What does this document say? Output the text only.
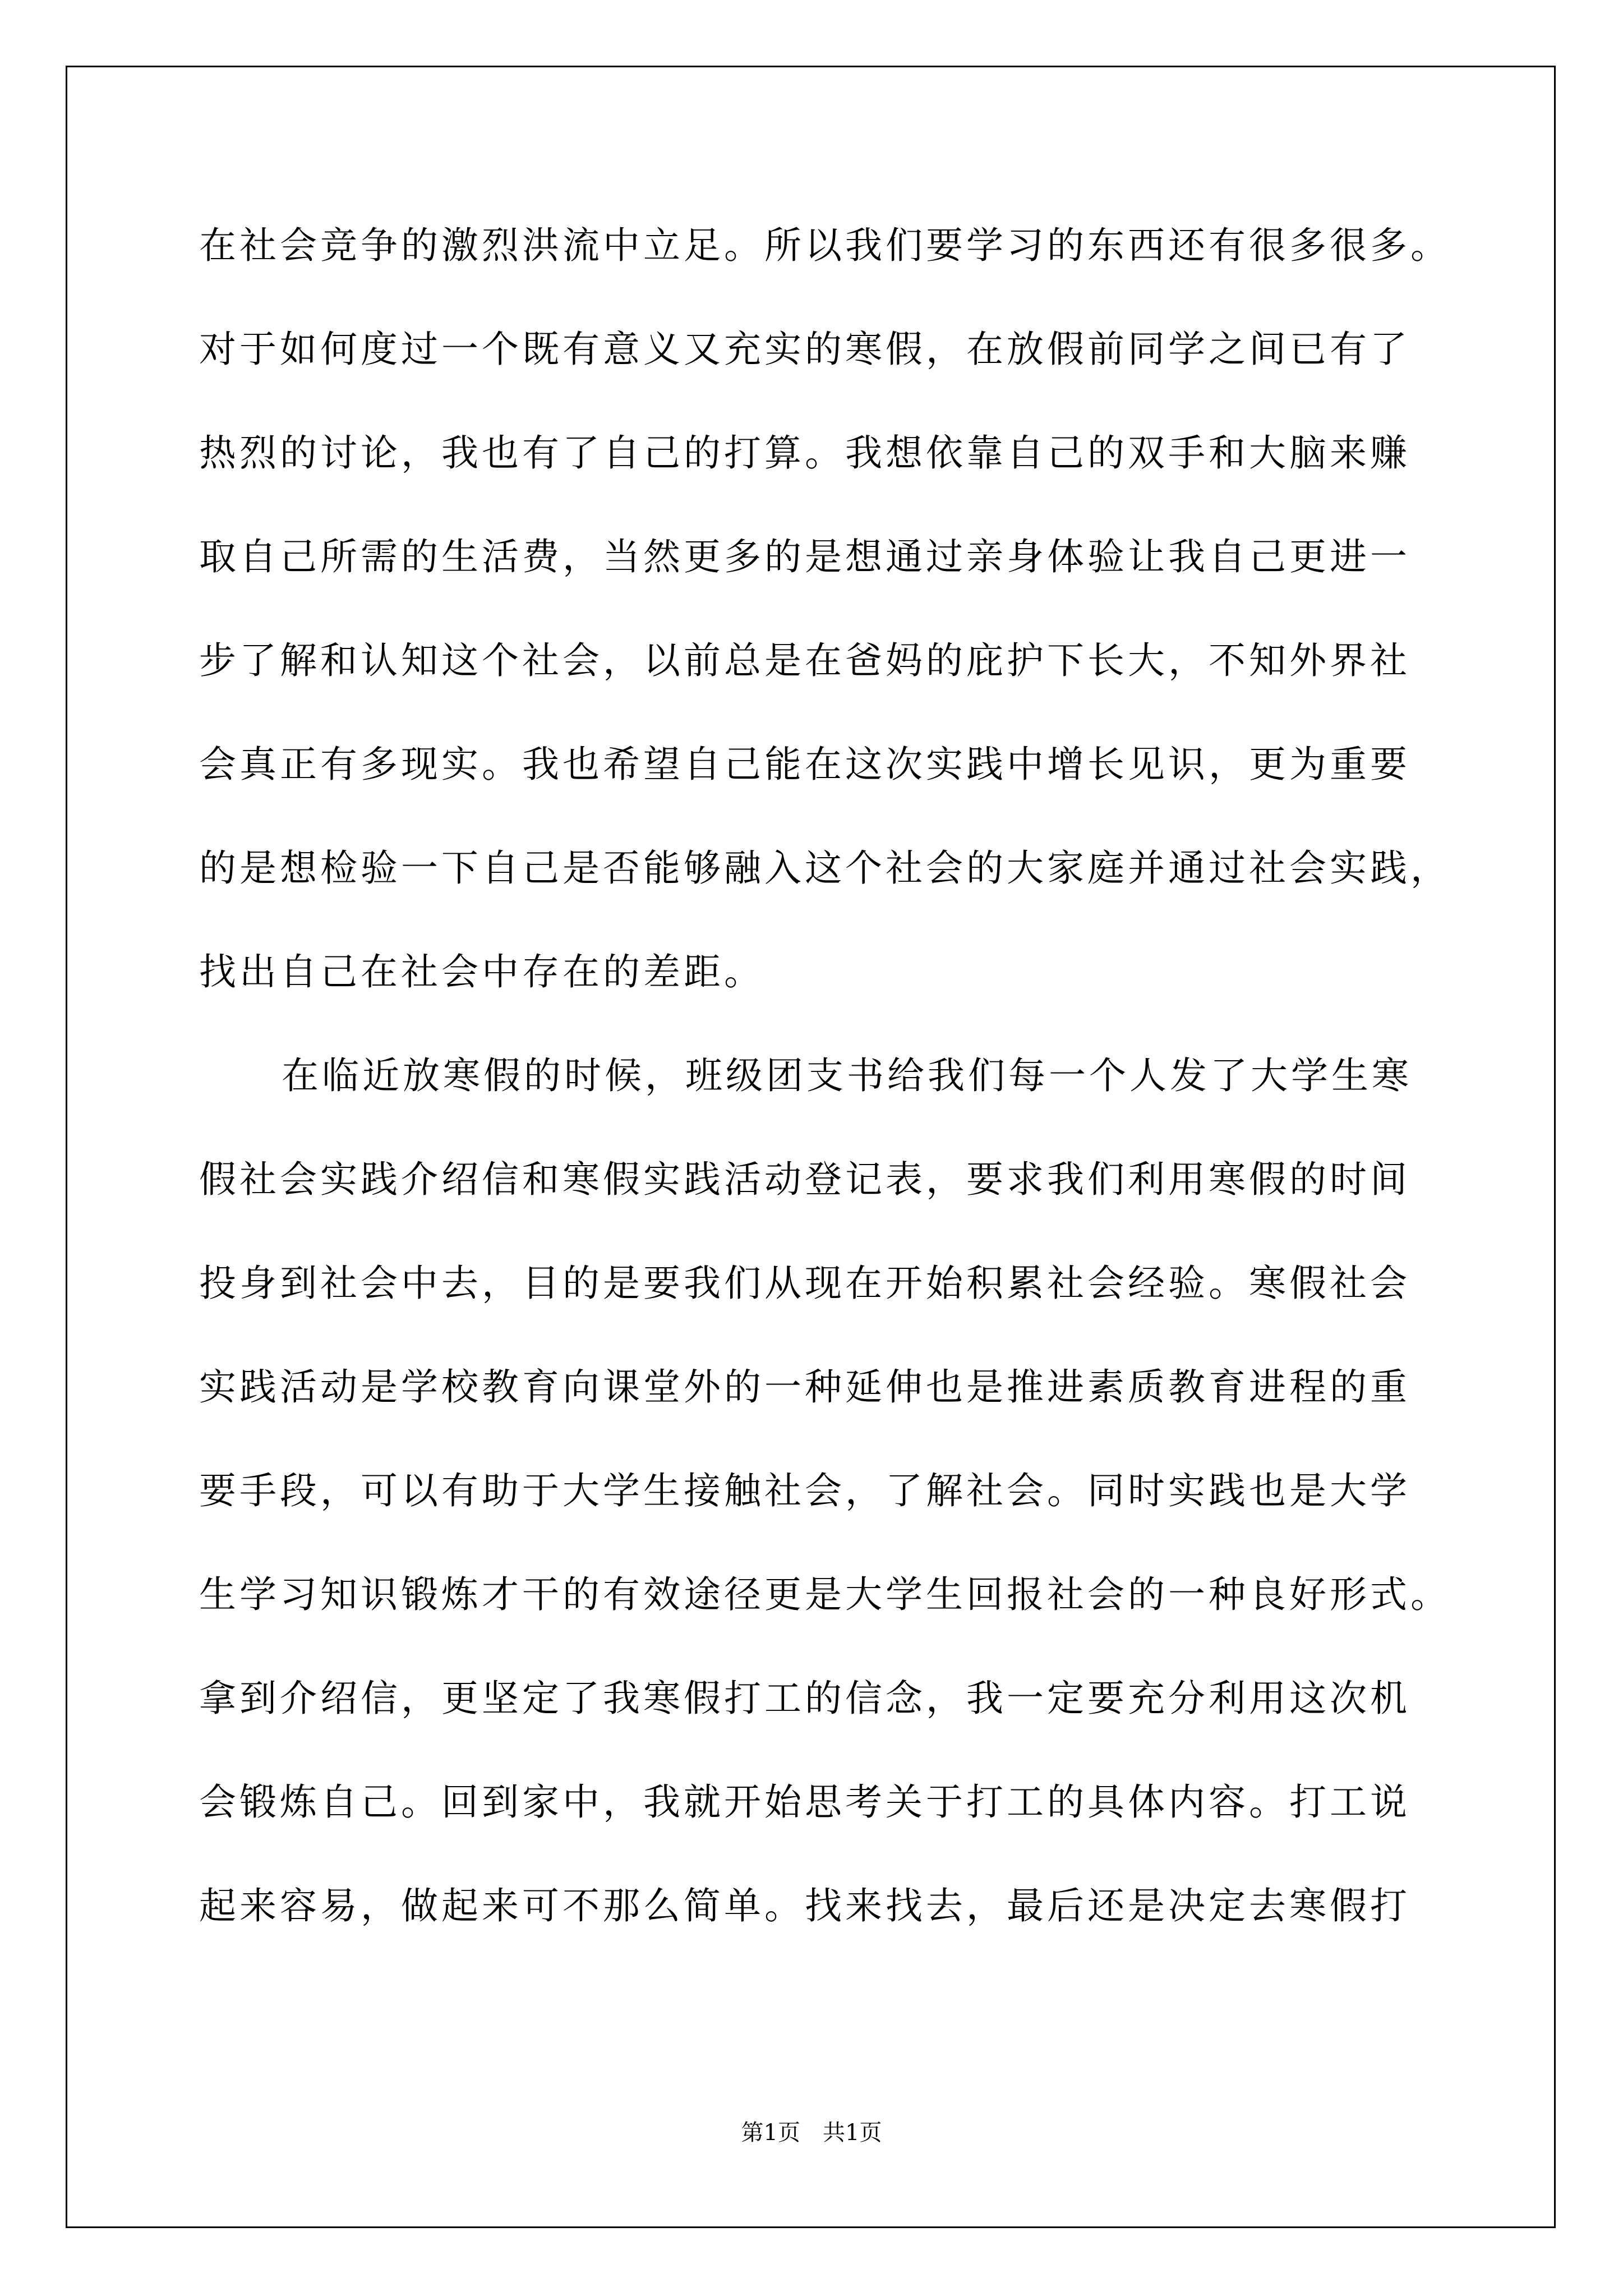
在社会竞争的激烈洪流中立足。所以我们要学习的东西还有很多很多。
对于如何度过一个既有意义又充实的寒假，在放假前同学之间已有了
热烈的讨论，我也有了自己的打算。我想依靠自己的双手和大脑来赚
取自己所需的生活费，当然更多的是想通过亲身体验让我自己更进一
步了解和认知这个社会，以前总是在爸妈的庇护下长大，不知外界社
会真正有多现实。我也希望自己能在这次实践中增长见识，更为重要
的是想检验一下自己是否能够融入这个社会的大家庭并通过社会实践，
找出自己在社会中存在的差距。
在临近放寒假的时候，班级团支书给我们每一个人发了大学生寒
假社会实践介绍信和寒假实践活动登记表，要求我们利用寒假的时间
投身到社会中去，目的是要我们从现在开始积累社会经验。寒假社会
实践活动是学校教育向课堂外的一种延伸也是推进素质教育进程的重
要手段，可以有助于大学生接触社会，了解社会。同时实践也是大学
生学习知识锻炼才干的有效途径更是大学生回报社会的一种良好形式。
拿到介绍信，更坚定了我寒假打工的信念，我一定要充分利用这次机
会锻炼自己。回到家中，我就开始思考关于打工的具体内容。打工说
起来容易，做起来可不那么简单。找来找去，最后还是决定去寒假打
第1页　共1页
